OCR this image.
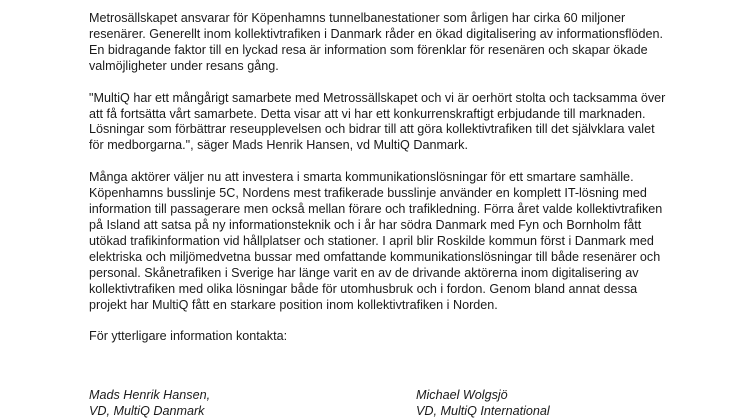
Metrosällskapet ansvarar för Köpenhamns tunnelbanestationer som årligen har cirka 60 miljoner
resenärer. Generellt inom kollektivtrafiken i Danmark råder en ökad digitalisering av informationsflöden.
En bidragande faktor till en lyckad resa är information som förenklar för resenären och skapar ökade
valmöjligheter under resans gång.

"MultiQ har ett mångårigt samarbete med Metrossällskapet och vi är oerhört stolta och tacksamma över
att få fortsätta vårt samarbete. Detta visar att vi har ett konkurrenskraftigt erbjudande till marknaden.
Lösningar som förbättrar reseupplevelsen och bidrar till att göra kollektivtrafiken till det självklara valet
för medborgarna.", säger Mads Henrik Hansen, vd MultiQ Danmark.

Många aktörer väljer nu att investera i smarta kommunikationslösningar för ett smartare samhälle.
Köpenhamns busslinje 5C, Nordens mest trafikerade busslinje använder en komplett IT-lösning med
information till passagerare men också mellan förare och trafikledning. Förra året valde kollektivtrafiken
på Island att satsa på ny informationsteknik och i år har södra Danmark med Fyn och Bornholm fått
utökad trafikinformation vid hållplatser och stationer. I april blir Roskilde kommun först i Danmark med
elektriska och miljömedvetna bussar med omfattande kommunikationslösningar till både resenärer och
personal. Skånetrafiken i Sverige har länge varit en av de drivande aktörerna inom digitalisering av
kollektivtrafiken med olika lösningar både för utomhusbruk och i fordon. Genom bland annat dessa
projekt har MultiQ fått en starkare position inom kollektivtrafiken i Norden.

För ytterligare information kontakta:

Mads Henrik Hansen,
VD, MultiQ Danmark
Michael Wolgsjö
VD, MultiQ International
